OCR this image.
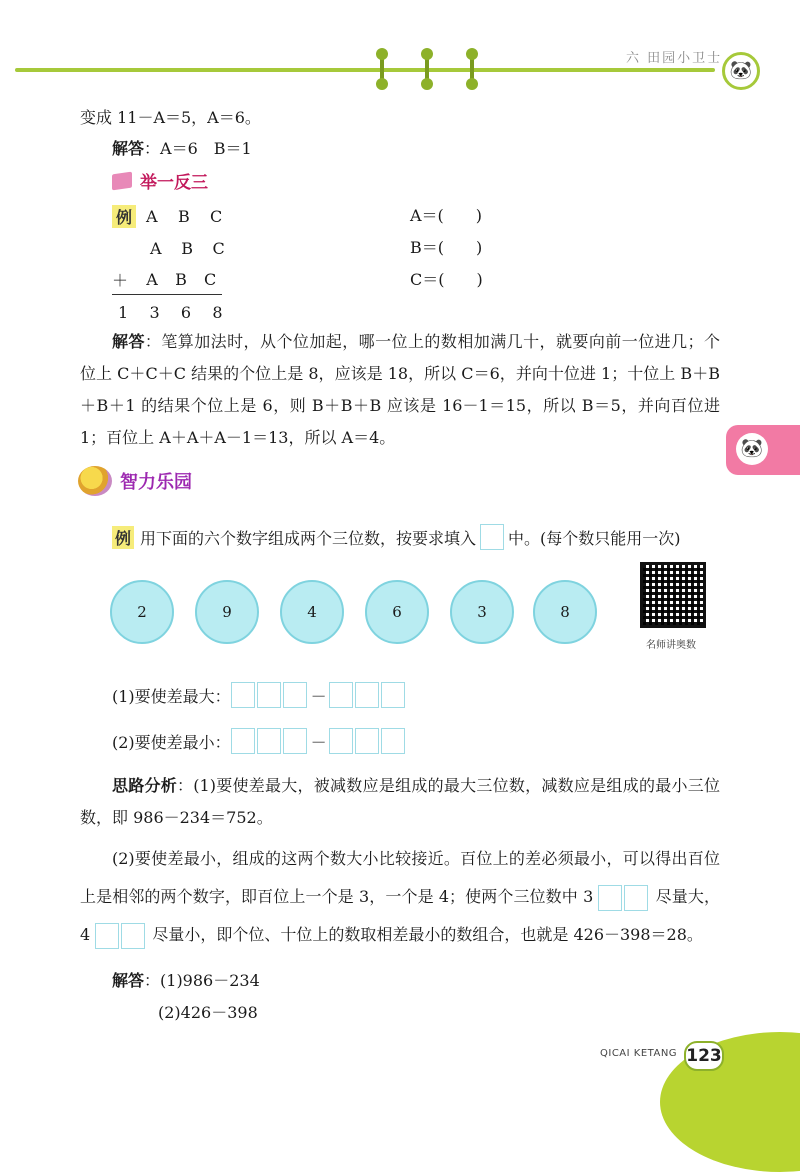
六 田园小卫士
🐼
🐼
变成 11－A＝5，A＝6。
解答：A＝6　B＝1
举一反三
例 A	B	C
A	B	C
＋	A	B	C
1	3	6	8
A＝(　　)
B＝(　　)
C＝(　　)
解答：笔算加法时，从个位加起，哪一位上的数相加满几十，就要向前一位进几；个位上 C＋C＋C 结果的个位上是 8，应该是 18，所以 C＝6，并向十位进 1；十位上 B＋B＋B＋1 的结果个位上是 6，则 B＋B＋B 应该是 16－1＝15，所以 B＝5，并向百位进 1；百位上 A＋A＋A－1＝13，所以 A＝4。
智力乐园
例 用下面的六个数字组成两个三位数，按要求填入 中。(每个数只能用一次)
2	9	4	6	3	8
名师讲奥数
(1)要使差最大：	－
(2)要使差最小：	－
思路分析：(1)要使差最大，被减数应是组成的最大三位数，减数应是组成的最小三位数，即 986－234＝752。
(2)要使差最小，组成的这两个数大小比较接近。百位上的差必须最小，可以得出百位上是相邻的两个数字，即百位上一个是 3，一个是 4；使两个三位数中 3	尽量大，4	尽量小，即个位、十位上的数取相差最小的数组合，也就是 426－398＝28。
解答：(1)986－234
(2)426－398
QICAI KETANG 123
